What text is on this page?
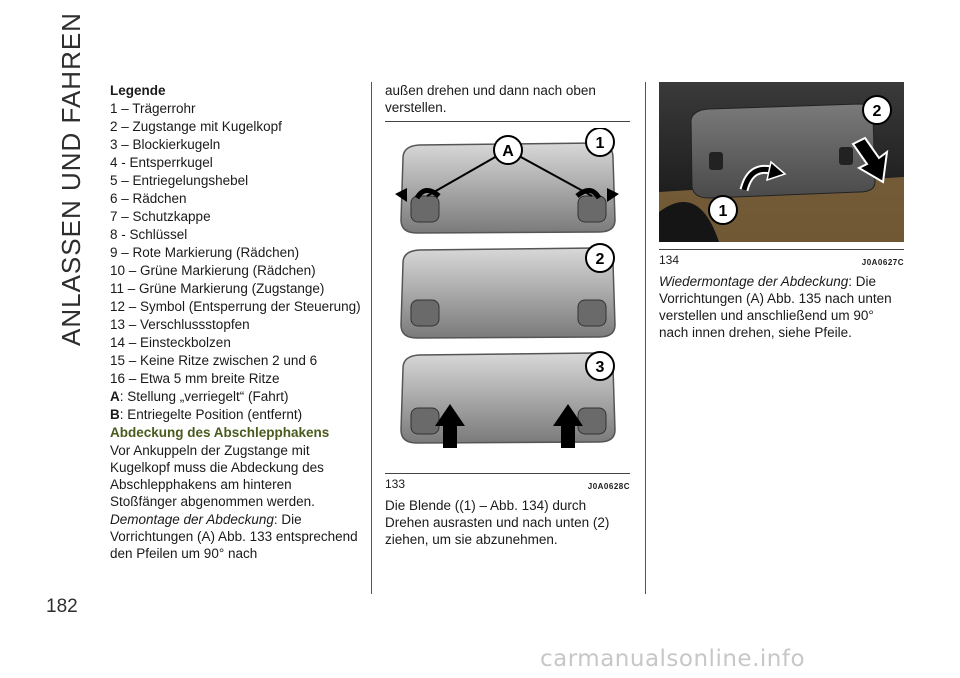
ANLASSEN UND FAHREN
182

Legende

1 – Trägerrohr

2 – Zugstange mit Kugelkopf

3 – Blockierkugeln

4 - Entsperrkugel

5 – Entriegelungshebel

6 – Rädchen

7 – Schutzkappe

8 - Schlüssel

9 – Rote Markierung (Rädchen)

10 – Grüne Markierung (Rädchen)

11 – Grüne Markierung (Zugstange)

12 – Symbol (Entsperrung der Steuerung)

13 – Verschlussstopfen

14 – Einsteckbolzen

15 – Keine Ritze zwischen 2 und 6

16 – Etwa 5 mm breite Ritze

A: Stellung „verriegelt“ (Fahrt)

B: Entriegelte Position (entfernt)

Abdeckung des Abschlepphakens

Vor Ankuppeln der Zugstange mit Kugelkopf muss die Abdeckung des Abschlepphakens am hinteren Stoßfänger abgenommen werden.

Demontage der Abdeckung: Die Vorrichtungen (A) Abb. 133 entsprechend den Pfeilen um 90° nach

außen drehen und dann nach oben verstellen.

A	1
2
3
133	J0A0628C

Die Blende ((1) – Abb. 134) durch Drehen ausrasten und nach unten (2) ziehen, um sie abzunehmen.

1
2
134	J0A0627C

Wiedermontage der Abdeckung: Die Vorrichtungen (A) Abb. 135 nach unten verstellen und anschließend um 90° nach innen drehen, siehe Pfeile.

carmanualsonline.info
